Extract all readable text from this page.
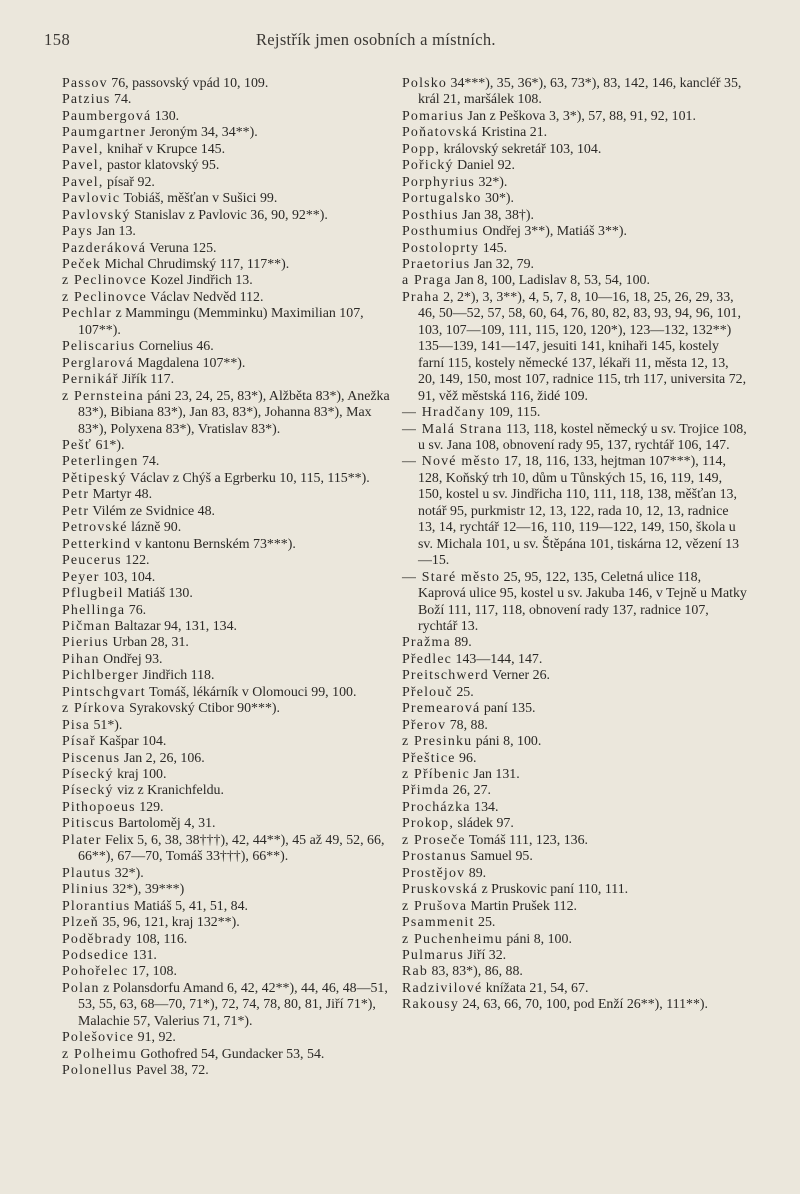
158	Rejstřík jmen osobních a místních.

Passov 76, passovský vpád 10, 109.

Patzius 74.

Paumbergová 130.

Paumgartner Jeroným 34, 34**).

Pavel, knihař v Krupce 145.

Pavel, pastor klatovský 95.

Pavel, písař 92.

Pavlovic Tobiáš, měšťan v Sušici 99.

Pavlovský Stanislav z Pavlovic 36, 90, 92**).

Pays Jan 13.

Pazderáková Veruna 125.

Peček Michal Chrudimský 117, 117**).

z Peclinovce Kozel Jindřich 13.

z Peclinovce Václav Nedvěd 112.

Pechlar z Mammingu (Memminku) Maximilian 107, 107**).

Peliscarius Cornelius 46.

Perglarová Magdalena 107**).

Pernikář Jiřík 117.

z Pernsteina páni 23, 24, 25, 83*), Alžběta 83*), Anežka 83*), Bibiana 83*), Jan 83, 83*), Johanna 83*), Max 83*), Polyxena 83*), Vratislav 83*).

Pešť 61*).

Peterlingen 74.

Pětipeský Václav z Chýš a Egrberku 10, 115, 115**).

Petr Martyr 48.

Petr Vilém ze Svidnice 48.

Petrovské lázně 90.

Petterkind v kantonu Bernském 73***).

Peucerus 122.

Peyer 103, 104.

Pflugbeil Matiáš 130.

Phellinga 76.

Pičman Baltazar 94, 131, 134.

Pierius Urban 28, 31.

Pihan Ondřej 93.

Pichlberger Jindřich 118.

Pintschgvart Tomáš, lékárník v Olomouci 99, 100.

z Pírkova Syrakovský Ctibor 90***).

Pisa 51*).

Písař Kašpar 104.

Piscenus Jan 2, 26, 106.

Písecký kraj 100.

Písecký viz z Kranichfeldu.

Pithopoeus 129.

Pitiscus Bartoloměj 4, 31.

Plater Felix 5, 6, 38, 38†††), 42, 44**), 45 až 49, 52, 66, 66**), 67—70, Tomáš 33†††), 66**).

Plautus 32*).

Plinius 32*), 39***)

Plorantius Matiáš 5, 41, 51, 84.

Plzeň 35, 96, 121, kraj 132**).

Poděbrady 108, 116.

Podsedice 131.

Pohořelec 17, 108.

Polan z Polansdorfu Amand 6, 42, 42**), 44, 46, 48—51, 53, 55, 63, 68—70, 71*), 72, 74, 78, 80, 81, Jiří 71*), Malachie 57, Valerius 71, 71*).

Polešovice 91, 92.

z Polheimu Gothofred 54, Gundacker 53, 54.

Polonellus Pavel 38, 72.

Polsko 34***), 35, 36*), 63, 73*), 83, 142, 146, kancléř 35, král 21, maršálek 108.

Pomarius Jan z Peškova 3, 3*), 57, 88, 91, 92, 101.

Poňatovská Kristina 21.

Popp, královský sekretář 103, 104.

Pořický Daniel 92.

Porphyrius 32*).

Portugalsko 30*).

Posthius Jan 38, 38†).

Posthumius Ondřej 3**), Matiáš 3**).

Postoloprty 145.

Praetorius Jan 32, 79.

a Praga Jan 8, 100, Ladislav 8, 53, 54, 100.

Praha 2, 2*), 3, 3**), 4, 5, 7, 8, 10—16, 18, 25, 26, 29, 33, 46, 50—52, 57, 58, 60, 64, 76, 80, 82, 83, 93, 94, 96, 101, 103, 107—109, 111, 115, 120, 120*), 123—132, 132**) 135—139, 141—147, jesuiti 141, knihaři 145, kostely farní 115, kostely německé 137, lékaři 11, města 12, 13, 20, 149, 150, most 107, radnice 115, trh 117, universita 72, 91, věž městská 116, židé 109.

— Hradčany 109, 115.

— Malá Strana 113, 118, kostel německý u sv. Trojice 108, u sv. Jana 108, obnovení rady 95, 137, rychtář 106, 147.

— Nové město 17, 18, 116, 133, hejtman 107***), 114, 128, Koňský trh 10, dům u Tůnských 15, 16, 119, 149, 150, kostel u sv. Jindřicha 110, 111, 118, 138, měšťan 13, notář 95, purkmistr 12, 13, 122, rada 10, 12, 13, radnice 13, 14, rychtář 12—16, 110, 119—122, 149, 150, škola u sv. Michala 101, u sv. Štěpána 101, tiskárna 12, vězení 13—15.

— Staré město 25, 95, 122, 135, Celetná ulice 118, Kaprová ulice 95, kostel u sv. Jakuba 146, v Tejně u Matky Boží 111, 117, 118, obnovení rady 137, radnice 107, rychtář 13.

Pražma 89.

Předlec 143—144, 147.

Preitschwerd Verner 26.

Přelouč 25.

Premearová paní 135.

Přerov 78, 88.

z Presinku páni 8, 100.

Přeštice 96.

z Příbenic Jan 131.

Přimda 26, 27.

Procházka 134.

Prokop, sládek 97.

z Proseče Tomáš 111, 123, 136.

Prostanus Samuel 95.

Prostějov 89.

Pruskovská z Pruskovic paní 110, 111.

z Prušova Martin Prušek 112.

Psammenit 25.

z Puchenheimu páni 8, 100.

Pulmarus Jiří 32.

Rab 83, 83*), 86, 88.

Radzivilové knížata 21, 54, 67.

Rakousy 24, 63, 66, 70, 100, pod Enží 26**), 111**).
